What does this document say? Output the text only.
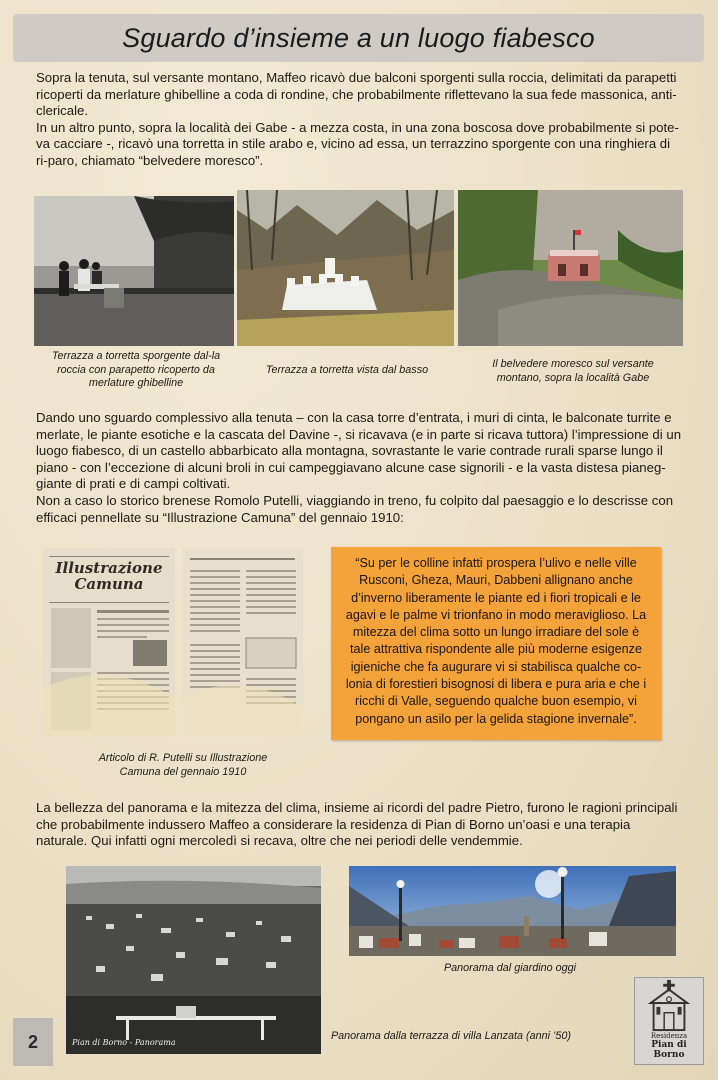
Sguardo d’insieme a un luogo fiabesco

Sopra la tenuta, sul versante montano, Maffeo ricavò due balconi sporgenti sulla roccia, delimitati da parapetti ricoperti da merlature ghibelline a coda di rondine, che probabilmente riflettevano la sua fede massonica, anti-clericale.

In un altro punto, sopra la località dei Gabe - a mezza costa, in una zona boscosa dove probabilmente si pote-va cacciare -, ricavò una torretta in stile arabo e, vicino ad essa, un terrazzino sporgente con una ringhiera di ri-paro, chiamato “belvedere moresco”.

Terrazza a torretta sporgente dal-la roccia con parapetto ricoperto da merlature ghibelline
Terrazza a torretta vista dal basso	Il belvedere moresco sul versante montano, sopra la località Gabe

Dando uno sguardo complessivo alla tenuta – con la casa torre d’entrata, i muri di cinta, le balconate turrite e merlate, le piante esotiche e la cascata del Davine -, si ricavava (e in parte si ricava tuttora) l’impressione di un luogo fiabesco, di un castello abbarbicato alla montagna, sovrastante le varie contrade rurali sparse lungo il piano - con l’eccezione di alcuni broli in cui campeggiavano alcune case signorili - e la vasta distesa pianeg-giante di prati e di campi coltivati.

Non a caso lo storico brenese Romolo Putelli, viaggiando in treno, fu colpito dal paesaggio e lo descrisse con efficaci pennellate su “Illustrazione Camuna” del gennaio 1910:

Illustrazione
Camuna
“Su per le colline infatti prospera l’ulivo e nelle ville Rusconi, Gheza, Mauri, Dabbeni allignano anche d’inverno liberamente le piante ed i fiori tropicali e le agavi e le palme vi trionfano in modo meraviglioso. La mitezza del clima sotto un lungo irradiare del sole è tale attrattiva rispondente alle più moderne esigenze igieniche che fa augurare vi si stabilisca qualche co-lonia di forestieri bisognosi di libera e pura aria e che i ricchi di Valle, seguendo qualche buon esempio, vi pongano un asilo per la gelida stagione invernale”.
Articolo di R. Putelli su Illustrazione Camuna del gennaio 1910

La bellezza del panorama e la mitezza del clima, insieme ai ricordi del padre Pietro, furono le ragioni principali che probabilmente indussero Maffeo a considerare la residenza di Pian di Borno un’oasi e una terapia naturale. Qui infatti ogni mercoledì si recava, oltre che nei periodi delle vendemmie.

Pian di Borno - Panorama
Panorama dal giardino oggi
Panorama dalla terrazza di villa Lanzata (anni ’50)
2	Residenza
Pian di Borno
